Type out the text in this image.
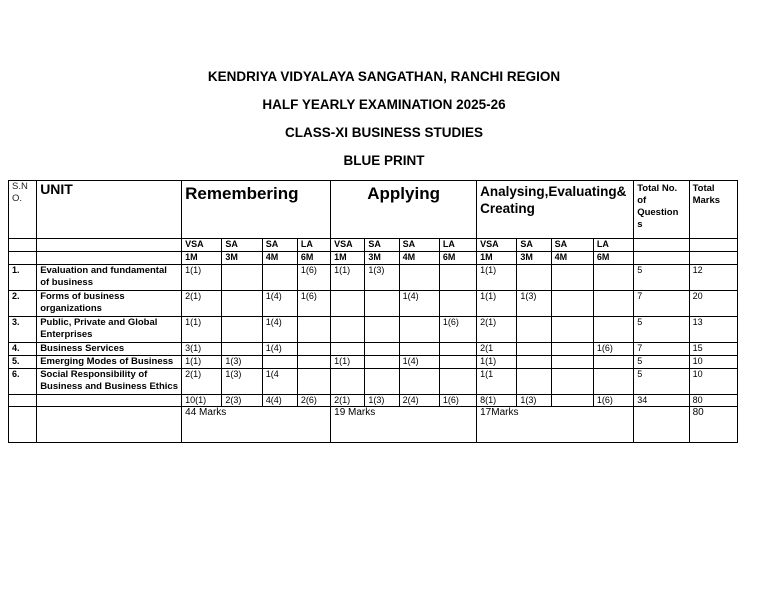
KENDRIYA VIDYALAYA SANGATHAN, RANCHI REGION
HALF YEARLY EXAMINATION 2025-26
CLASS-XI BUSINESS STUDIES
BLUE PRINT
S.N O.	UNIT	Remembering				Applying				Analysing,Evaluating& Creating				Total No. of Question s	Total Marks
		VSA	SA	SA	LA	VSA	SA	SA	LA	VSA	SA	SA	LA		
		1M	3M	4M	6M	1M	3M	4M	6M	1M	3M	4M	6M		
1.	Evaluation and fundamental of business	1(1)			1(6)	1(1)	1(3)			1(1)				5	12
2.	Forms of business organizations	2(1)		1(4)	1(6)			1(4)		1(1)	1(3)			7	20
3.	Public, Private and Global Enterprises	1(1)		1(4)					1(6)	2(1)				5	13
4.	Business Services	3(1)		1(4)						2(1			1(6)	7	15
5.	Emerging Modes of Business	1(1)	1(3)			1(1)		1(4)		1(1)				5	10
6.	Social Responsibility of Business and Business Ethics	2(1)	1(3)	1(4						1(1				5	10
		10(1)	2(3)	4(4)	2(6)	2(1)	1(3)	2(4)	1(6)	8(1)	1(3)		1(6)	34	80
		44 Marks				19 Marks				17Marks					80
